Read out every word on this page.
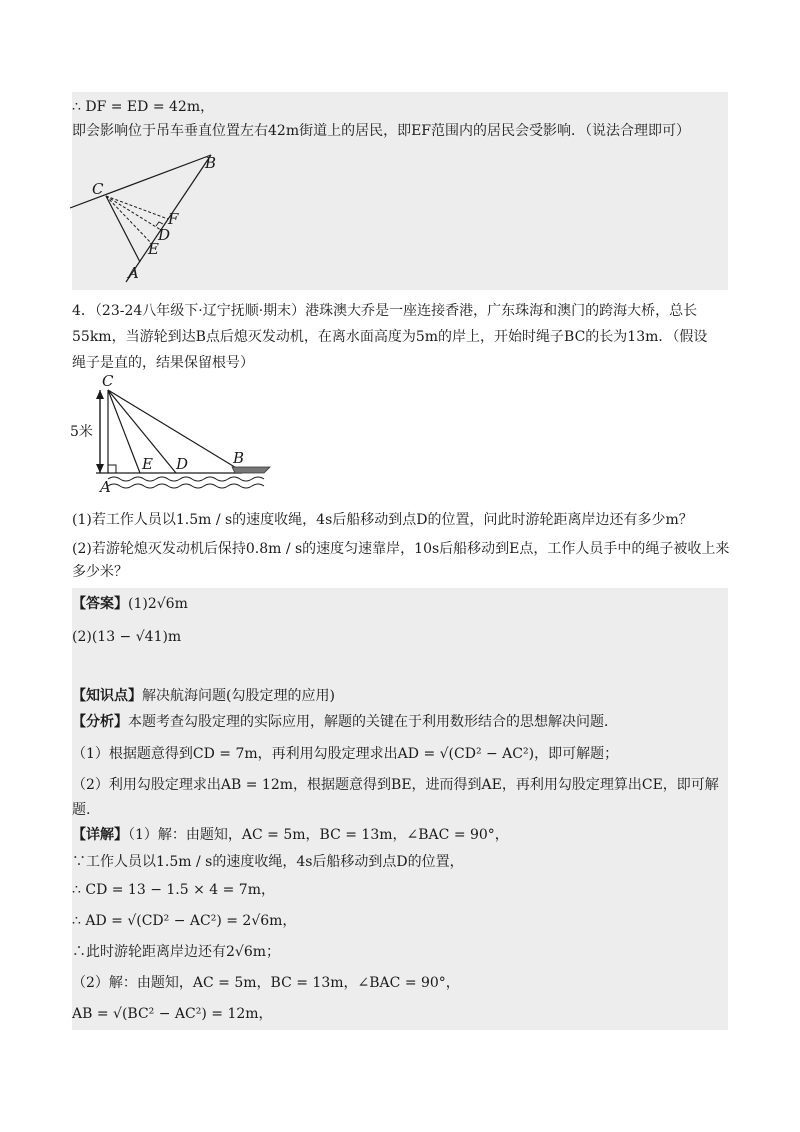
∴ DF = ED = 42m，
即会影响位于吊车垂直位置左右42m街道上的居民，即EF范围内的居民会受影响．（说法合理即可）
B
C
F
D
E
A
4．（23-24八年级下·辽宁抚顺·期末）港珠澳大乔是一座连接香港，广东珠海和澳门的跨海大桥，总长
55km，当游轮到达B点后熄灭发动机，在离水面高度为5m的岸上，开始时绳子BC的长为13m．（假设
绳子是直的，结果保留根号）
C
5米
E D	B
A
(1)若工作人员以1.5m / s的速度收绳，4s后船移动到点D的位置，问此时游轮距离岸边还有多少m？
(2)若游轮熄灭发动机后保持0.8m / s的速度匀速靠岸，10s后船移动到E点，工作人员手中的绳子被收上来
多少米？
【答案】(1)2√6m
(2)(13 − √41)m
【知识点】解决航海问题(勾股定理的应用)
【分析】本题考查勾股定理的实际应用，解题的关键在于利用数形结合的思想解决问题．
（1）根据题意得到CD = 7m，再利用勾股定理求出AD = √(CD² − AC²)，即可解题；
（2）利用勾股定理求出AB = 12m，根据题意得到BE，进而得到AE，再利用勾股定理算出CE，即可解
题.
【详解】（1）解：由题知，AC = 5m，BC = 13m，∠BAC = 90°，
∵工作人员以1.5m / s的速度收绳，4s后船移动到点D的位置，
∴ CD = 13 − 1.5 × 4 = 7m，
∴ AD = √(CD² − AC²) = 2√6m，
∴此时游轮距离岸边还有2√6m；
（2）解：由题知，AC = 5m，BC = 13m，∠BAC = 90°，
AB = √(BC² − AC²) = 12m，
